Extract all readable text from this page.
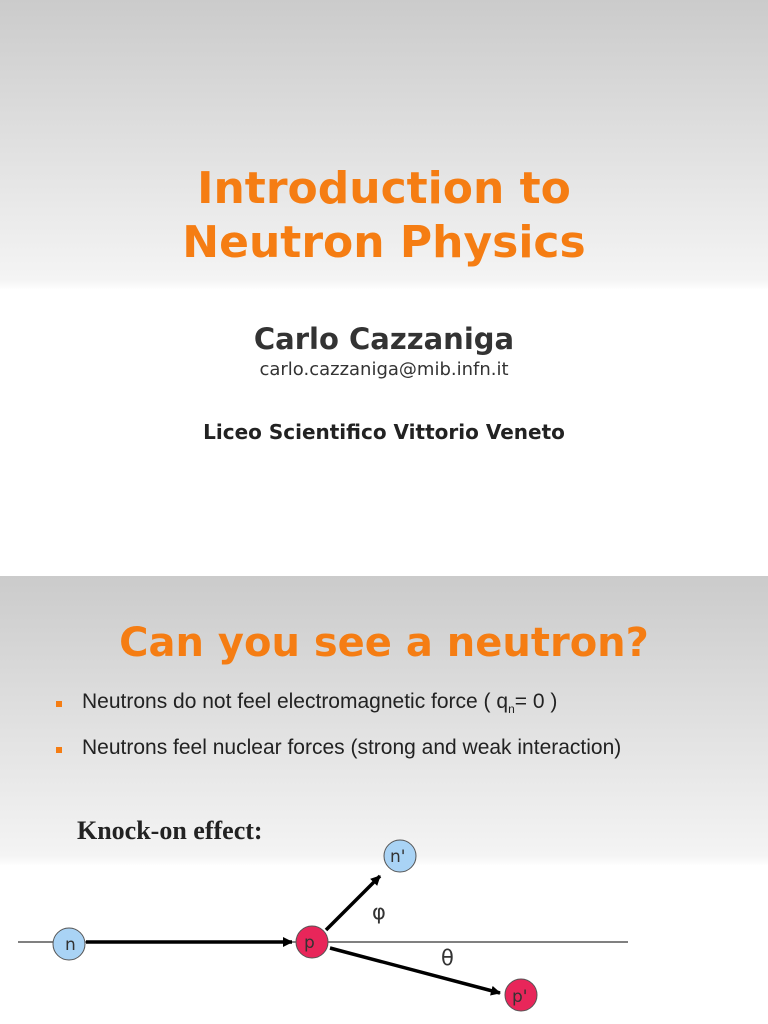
Introduction to
Neutron Physics
Carlo Cazzaniga
carlo.cazzaniga@mib.infn.it
Liceo Scientifico Vittorio Veneto
Can you see a neutron?
Neutrons do not feel electromagnetic force ( $q_n= 0$ )
Neutrons feel nuclear forces (strong and weak interaction)
Knock-on effect:
n	p
n'
p'
φ
θ
